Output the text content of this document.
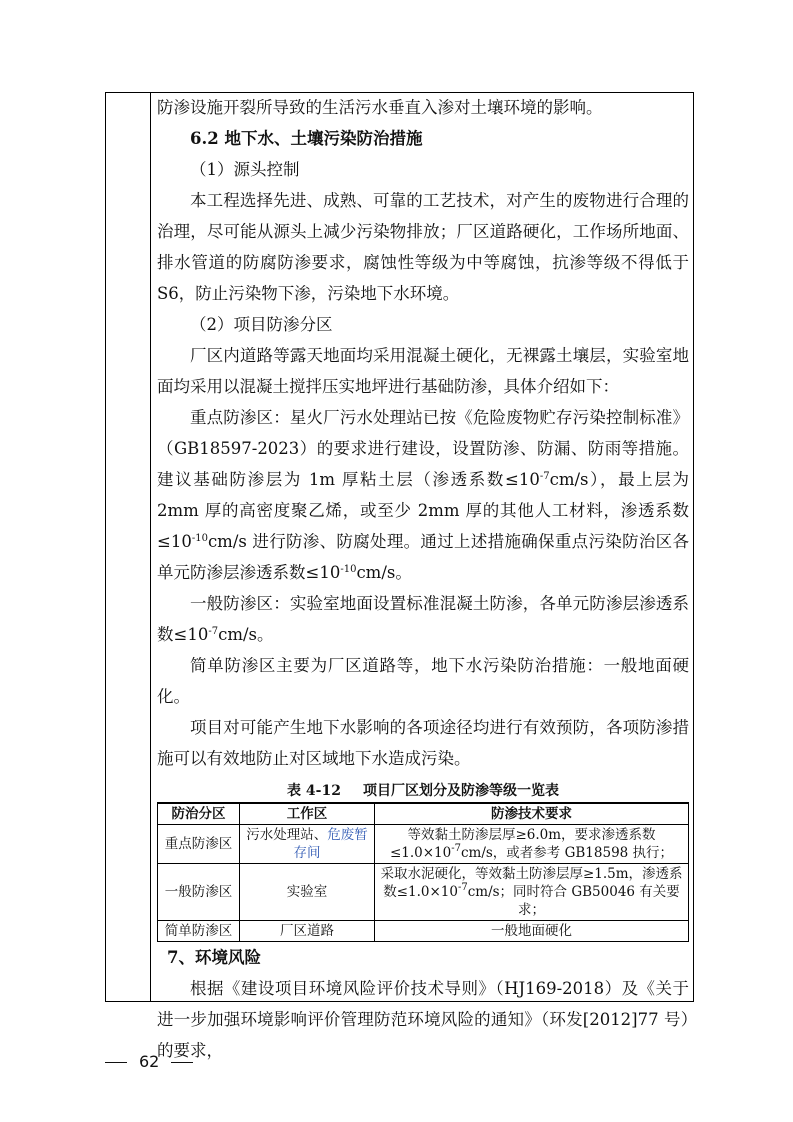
防渗设施开裂所导致的生活污水垂直入渗对土壤环境的影响。

6.2 地下水、土壤污染防治措施

（1）源头控制

本工程选择先进、成熟、可靠的工艺技术，对产生的废物进行合理的治理，尽可能从源头上减少污染物排放；厂区道路硬化，工作场所地面、排水管道的防腐防渗要求，腐蚀性等级为中等腐蚀，抗渗等级不得低于 S6，防止污染物下渗，污染地下水环境。

（2）项目防渗分区

厂区内道路等露天地面均采用混凝土硬化，无裸露土壤层，实验室地面均采用以混凝土搅拌压实地坪进行基础防渗，具体介绍如下：

重点防渗区：星火厂污水处理站已按《危险废物贮存污染控制标准》（GB18597-2023）的要求进行建设，设置防渗、防漏、防雨等措施。建议基础防渗层为 1m 厚粘土层（渗透系数$\le 10^{-7}cm/s$），最上层为 2mm 厚的高密度聚乙烯，或至少 2mm 厚的其他人工材料，渗透系数$\le 10^{-10}cm/s$ 进行防渗、防腐处理。通过上述措施确保重点污染防治区各单元防渗层渗透系数$\le 10^{-10}cm/s$。

一般防渗区：实验室地面设置标准混凝土防渗，各单元防渗层渗透系数$\le 10^{-7}cm/s$。

简单防渗区主要为厂区道路等，地下水污染防治措施：一般地面硬化。

项目对可能产生地下水影响的各项途径均进行有效预防，各项防渗措施可以有效地防止对区域地下水造成污染。

表 4-12 项目厂区划分及防渗等级一览表

防治分区	工作区	防渗技术要求
重点防渗区	污水处理站、危废暂存间	等效黏土防渗层厚≥6.0m，要求渗透系数$\le 1.0\times 10^{-7}cm/s$，或者参考 GB18598 执行；
一般防渗区	实验室	采取水泥硬化，等效黏土防渗层厚≥1.5m，渗透系数$\le 1.0\times 10^{-7}cm/s$；同时符合 GB50046 有关要求；
简单防渗区	厂区道路	一般地面硬化

7、环境风险

根据《建设项目环境风险评价技术导则》（HJ169-2018）及《关于进一步加强环境影响评价管理防范环境风险的通知》（环发[2012]77 号）的要求，

62
